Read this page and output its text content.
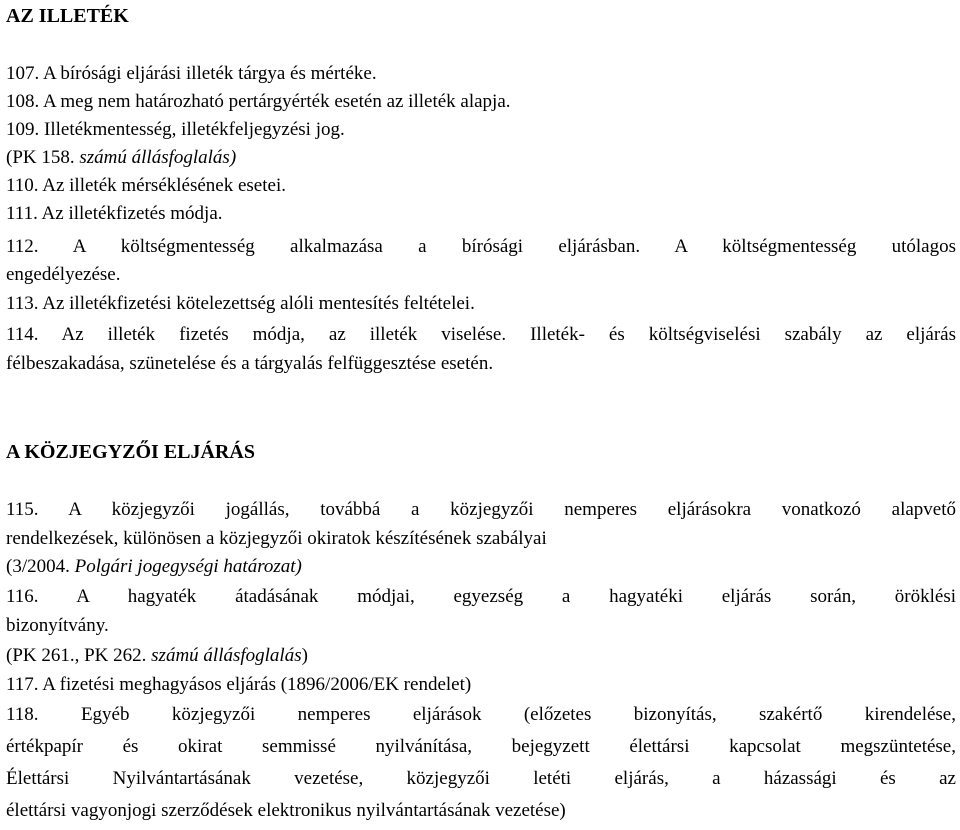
AZ ILLETÉK
107. A bírósági eljárási illeték tárgya és mértéke.
108. A meg nem határozható pertárgyérték esetén az illeték alapja.
109. Illetékmentesség, illetékfeljegyzési jog.
(PK 158. számú állásfoglalás)
110. Az illeték mérséklésének esetei.
111. Az illetékfizetés módja.
112. A költségmentesség alkalmazása a bírósági eljárásban. A költségmentesség utólagos
engedélyezése.
113. Az illetékfizetési kötelezettség alóli mentesítés feltételei.
114. Az illeték fizetés módja, az illeték viselése. Illeték- és költségviselési szabály az eljárás
félbeszakadása, szünetelése és a tárgyalás felfüggesztése esetén.
A KÖZJEGYZŐI ELJÁRÁS
115. A közjegyzői jogállás, továbbá a közjegyzői nemperes eljárásokra vonatkozó alapvető
rendelkezések, különösen a közjegyzői okiratok készítésének szabályai
(3/2004. Polgári jogegységi határozat)
116. A hagyaték átadásának módjai, egyezség a hagyatéki eljárás során, öröklési
bizonyítvány.
(PK 261., PK 262. számú állásfoglalás)
117. A fizetési meghagyásos eljárás (1896/2006/EK rendelet)
118. Egyéb közjegyzői nemperes eljárások (előzetes bizonyítás, szakértő kirendelése,
értékpapír és okirat semmissé nyilvánítása, bejegyzett élettársi kapcsolat megszüntetése,
Élettársi Nyilvántartásának vezetése, közjegyzői letéti eljárás, a házassági és az
élettársi vagyonjogi szerződések elektronikus nyilvántartásának vezetése)
